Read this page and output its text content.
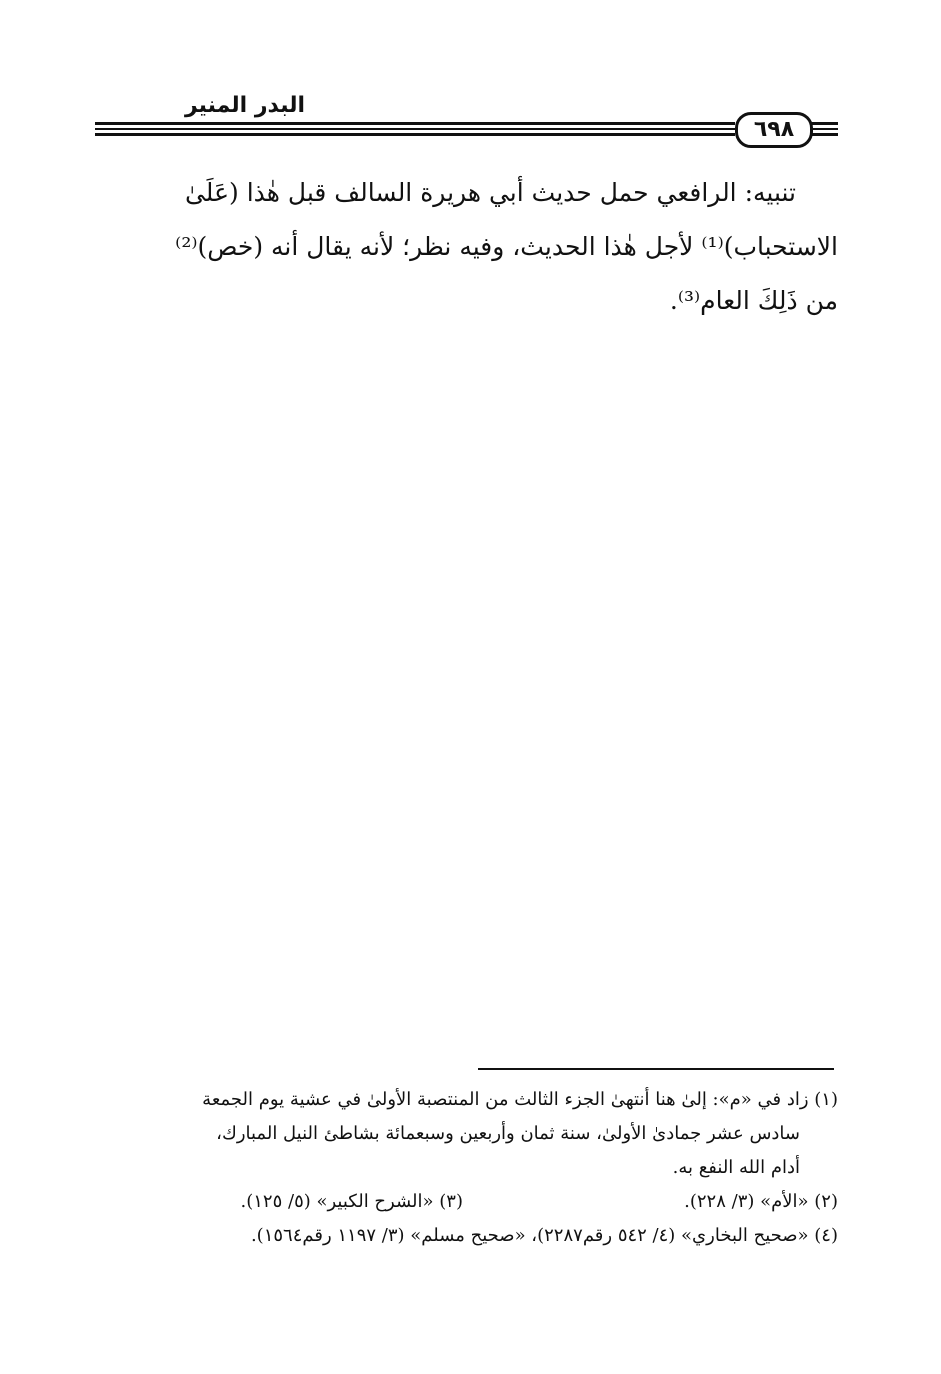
البدر المنير
٦٩٨

تنبيه: الرافعي حمل حديث أبي هريرة السالف قبل هٰذا (عَلَىٰ
الاستحباب)⁽¹⁾ لأجل هٰذا الحديث، وفيه نظر؛ لأنه يقال أنه (خص)⁽²⁾
من ذَلِكَ العام⁽³⁾.

(١) زاد في «م»: إلىٰ هنا أنتهىٰ الجزء الثالث من المنتصبة الأولىٰ في عشية يوم الجمعة
سادس عشر جمادىٰ الأولىٰ، سنة ثمان وأربعين وسبعمائة بشاطئ النيل المبارك،
أدام الله النفع به.
(٢) «الأم» (٣/ ٢٢٨).
(٣) «الشرح الكبير» (٥/ ١٢٥).
(٤) «صحيح البخاري» (٤/ ٥٤٢ رقم٢٢٨٧)، «صحيح مسلم» (٣/ ١١٩٧ رقم١٥٦٤).
